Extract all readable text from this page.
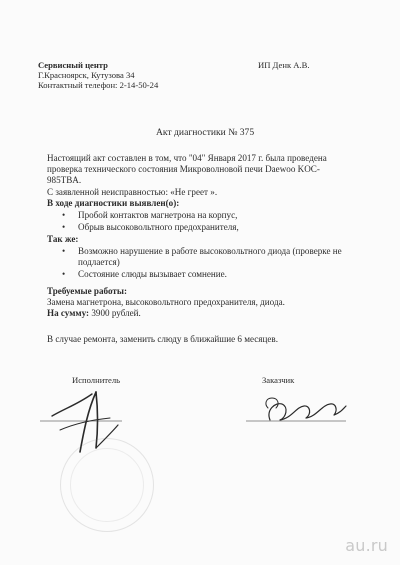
Сервисный центр
Г.Красноярск, Кутузова 34
Контактный телефон: 2-14-50-24
ИП Денк А.В.
Акт диагностики № 375
Настоящий акт составлен в том, что "04" Января 2017 г. была проведена
проверка технического состояния Микроволновой печи Daewoo KOC-
985TBA.
С заявленной неисправностью: «Не греет ».
В ходе диагностики выявлен(о):
• Пробой контактов магнетрона на корпус,
• Обрыв высоковольтного предохранителя,
Так же:
• Возможно нарушение в работе высоковольтного диода (проверке не
подлается)
• Состояние слюды вызывает сомнение.
Требуемые работы:
Замена магнетрона, высоковольтного предохранителя, диода.
На сумму: 3900 рублей.
В случае ремонта, заменить слюду в ближайшие 6 месяцев.
Исполнитель	Заказчик
au.ru
